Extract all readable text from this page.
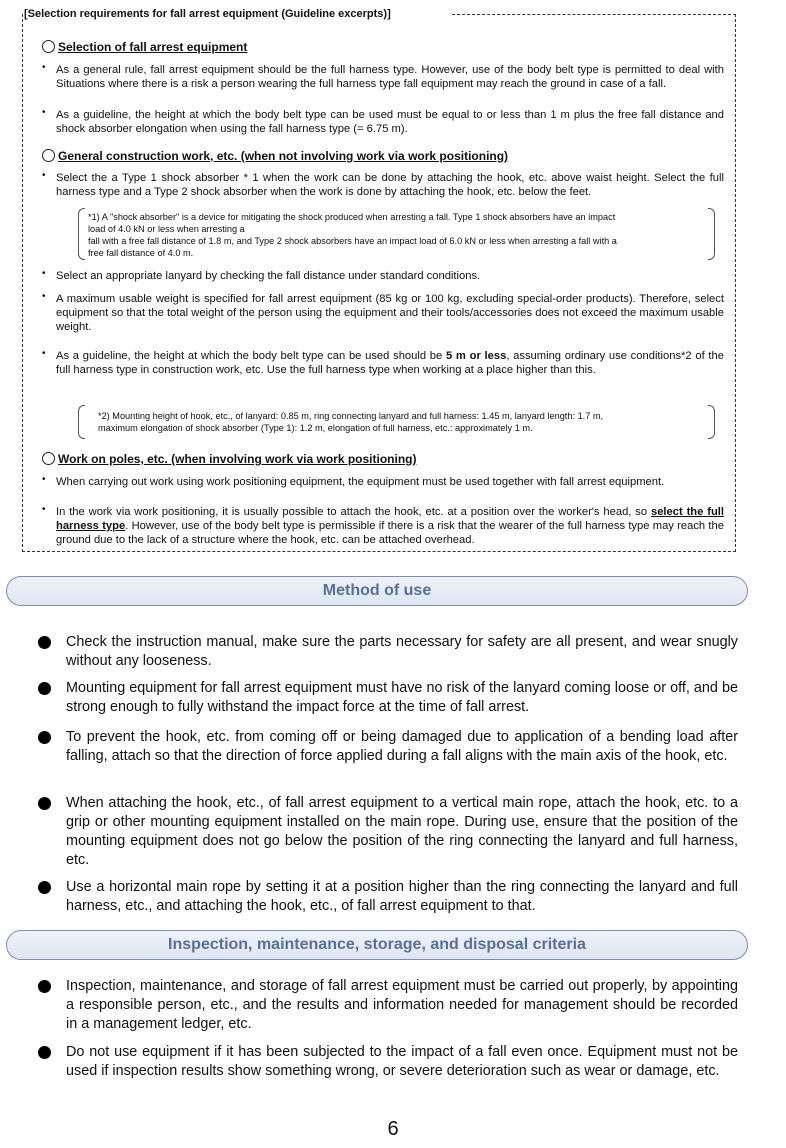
[Selection requirements for fall arrest equipment (Guideline excerpts)]
Selection of fall arrest equipment
• As a general rule, fall arrest equipment should be the full harness type. However, use of the body belt type is permitted to deal with Situations where there is a risk a person wearing the full harness type fall equipment may reach the ground in case of a fall.
• As a guideline, the height at which the body belt type can be used must be equal to or less than 1 m plus the free fall distance and shock absorber elongation when using the fall harness type (= 6.75 m).
General construction work, etc. (when not involving work via work positioning)
• Select the a Type 1 shock absorber * 1 when the work can be done by attaching the hook, etc. above waist height. Select the full harness type and a Type 2 shock absorber when the work is done by attaching the hook, etc. below the feet.
*1) A "shock absorber" is a device for mitigating the shock produced when arresting a fall. Type 1 shock absorbers have an impact
load of 4.0 kN or less when arresting a
fall with a free fall distance of 1.8 m, and Type 2 shock absorbers have an impact load of 6.0 kN or less when arresting a fall with a
free fall distance of 4.0 m.
• Select an appropriate lanyard by checking the fall distance under standard conditions.
• A maximum usable weight is specified for fall arrest equipment (85 kg or 100 kg, excluding special-order products). Therefore, select equipment so that the total weight of the person using the equipment and their tools/accessories does not exceed the maximum usable weight.
• As a guideline, the height at which the body belt type can be used should be 5 m or less, assuming ordinary use conditions*2 of the full harness type in construction work, etc. Use the full harness type when working at a place higher than this.
*2) Mounting height of hook, etc., of lanyard: 0.85 m, ring connecting lanyard and full harness: 1.45 m, lanyard length: 1.7 m,
maximum elongation of shock absorber (Type 1): 1.2 m, elongation of full harness, etc.: approximately 1 m.
Work on poles, etc. (when involving work via work positioning)
• When carrying out work using work positioning equipment, the equipment must be used together with fall arrest equipment.
• In the work via work positioning, it is usually possible to attach the hook, etc. at a position over the worker's head, so select the full harness type. However, use of the body belt type is permissible if there is a risk that the wearer of the full harness type may reach the ground due to the lack of a structure where the hook, etc. can be attached overhead.
Method of use
Check the instruction manual, make sure the parts necessary for safety are all present, and wear snugly without any looseness.
Mounting equipment for fall arrest equipment must have no risk of the lanyard coming loose or off, and be strong enough to fully withstand the impact force at the time of fall arrest.
To prevent the hook, etc. from coming off or being damaged due to application of a bending load after falling, attach so that the direction of force applied during a fall aligns with the main axis of the hook, etc.
When attaching the hook, etc., of fall arrest equipment to a vertical main rope, attach the hook, etc. to a grip or other mounting equipment installed on the main rope. During use, ensure that the position of the mounting equipment does not go below the position of the ring connecting the lanyard and full harness, etc.
Use a horizontal main rope by setting it at a position higher than the ring connecting the lanyard and full harness, etc., and attaching the hook, etc., of fall arrest equipment to that.
Inspection, maintenance, storage, and disposal criteria
Inspection, maintenance, and storage of fall arrest equipment must be carried out properly, by appointing a responsible person, etc., and the results and information needed for management should be recorded in a management ledger, etc.
Do not use equipment if it has been subjected to the impact of a fall even once. Equipment must not be used if inspection results show something wrong, or severe deterioration such as wear or damage, etc.
6
